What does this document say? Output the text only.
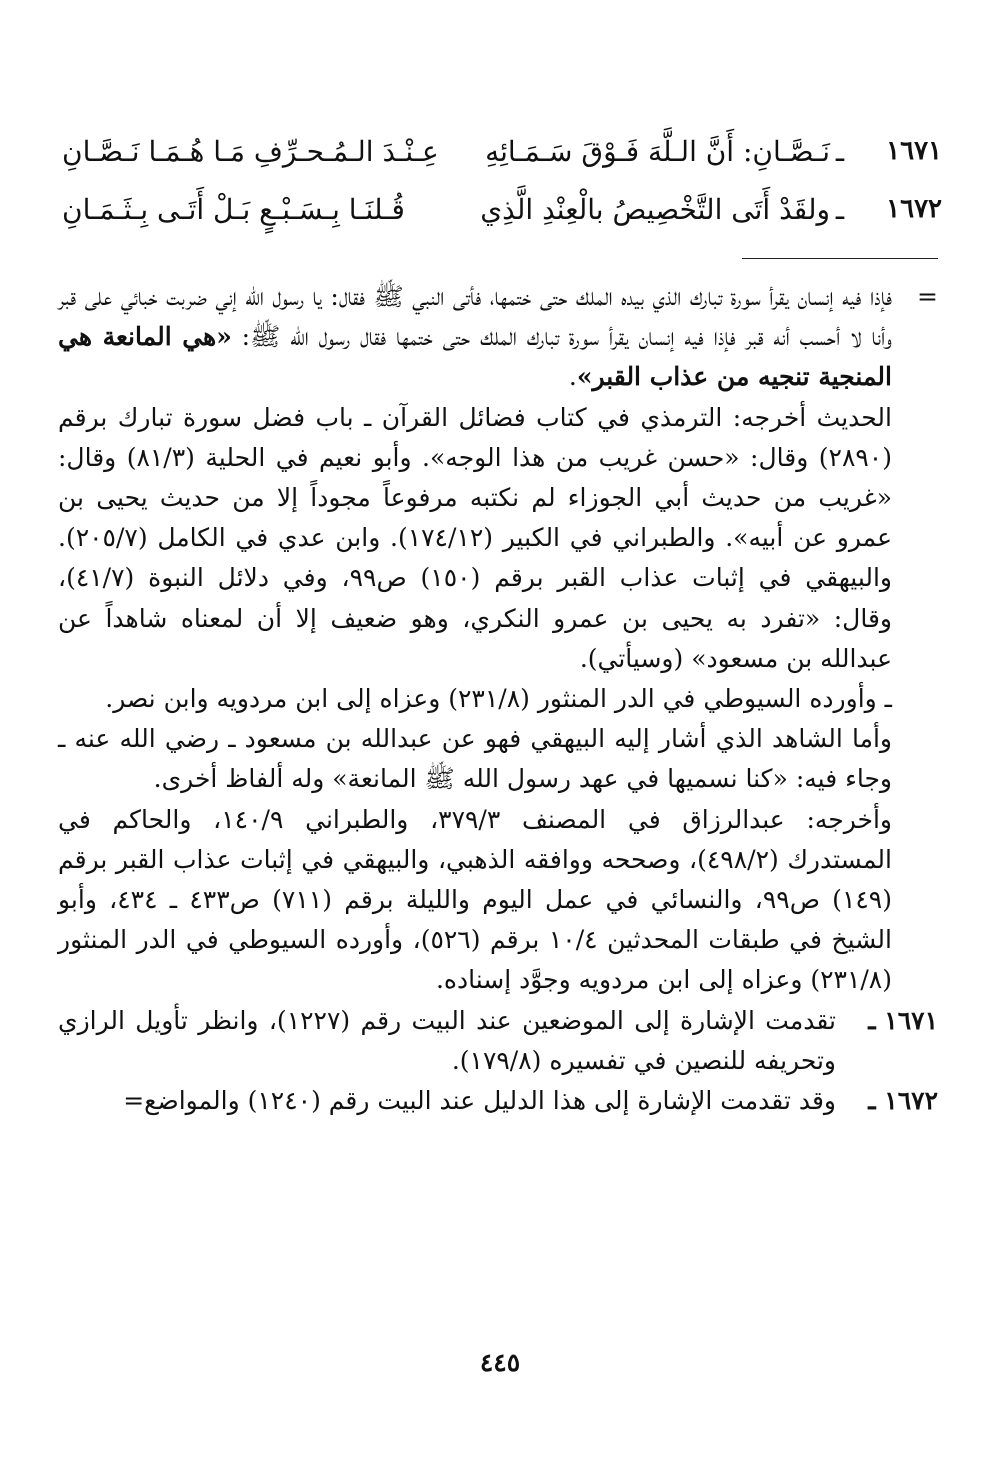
١٦٧١
ـ
نَـصَّـانِ: أَنَّ الـلَّهَ فَـوْقَ سَـمَـائِهِ
عِـنْـدَ الـمُـحـرِّفِ مَـا هُـمَـا نَـصَّـانِ
١٦٧٢
ـ
ولقَدْ أَتَى التَّخْصِيصُ بالْعِنْدِ الَّذِي
قُـلنَـا بِـسَـبْـعٍ بَـلْ أَتَـى بِـثَـمَـانِ
=
فإذا فيه إنسان يقرأ سورة تبارك الذي بيده الملك حتى ختمها، فأتى النبي ﷺ فقال: يا رسول الله إني ضربت خبائي على قبر وأنا لا أحسب أنه قبر فإذا فيه إنسان يقرأ سورة تبارك الملك حتى ختمها فقال رسول الله ﷺ: «هي المانعة هي المنجية تنجيه من عذاب القبر».
الحديث أخرجه: الترمذي في كتاب فضائل القرآن ـ باب فضل سورة تبارك برقم (٢٨٩٠) وقال: «حسن غريب من هذا الوجه». وأبو نعيم في الحلية (٨١/٣) وقال: «غريب من حديث أبي الجوزاء لم نكتبه مرفوعاً مجوداً إلا من حديث يحيى بن عمرو عن أبيه». والطبراني في الكبير (١٧٤/١٢). وابن عدي في الكامل (٢٠٥/٧). والبيهقي في إثبات عذاب القبر برقم (١٥٠) ص٩٩، وفي دلائل النبوة (٤١/٧)، وقال: «تفرد به يحيى بن عمرو النكري، وهو ضعيف إلا أن لمعناه شاهداً عن عبدالله بن مسعود» (وسيأتي).
ـ وأورده السيوطي في الدر المنثور (٢٣١/٨) وعزاه إلى ابن مردويه وابن نصر.
وأما الشاهد الذي أشار إليه البيهقي فهو عن عبدالله بن مسعود ـ رضي الله عنه ـ وجاء فيه: «كنا نسميها في عهد رسول الله ﷺ المانعة» وله ألفاظ أخرى.
وأخرجه: عبدالرزاق في المصنف ٣٧٩/٣، والطبراني ١٤٠/٩، والحاكم في المستدرك (٤٩٨/٢)، وصححه ووافقه الذهبي، والبيهقي في إثبات عذاب القبر برقم (١٤٩) ص٩٩، والنسائي في عمل اليوم والليلة برقم (٧١١) ص٤٣٣ ـ ٤٣٤، وأبو الشيخ في طبقات المحدثين ١٠/٤ برقم (٥٢٦)، وأورده السيوطي في الدر المنثور (٢٣١/٨) وعزاه إلى ابن مردويه وجوَّد إسناده.
١٦٧١ ـ
تقدمت الإشارة إلى الموضعين عند البيت رقم (١٢٢٧)، وانظر تأويل الرازي وتحريفه للنصين في تفسيره (١٧٩/٨).
١٦٧٢ ـ
وقد تقدمت الإشارة إلى هذا الدليل عند البيت رقم (١٢٤٠) والمواضع=
٤٤٥
